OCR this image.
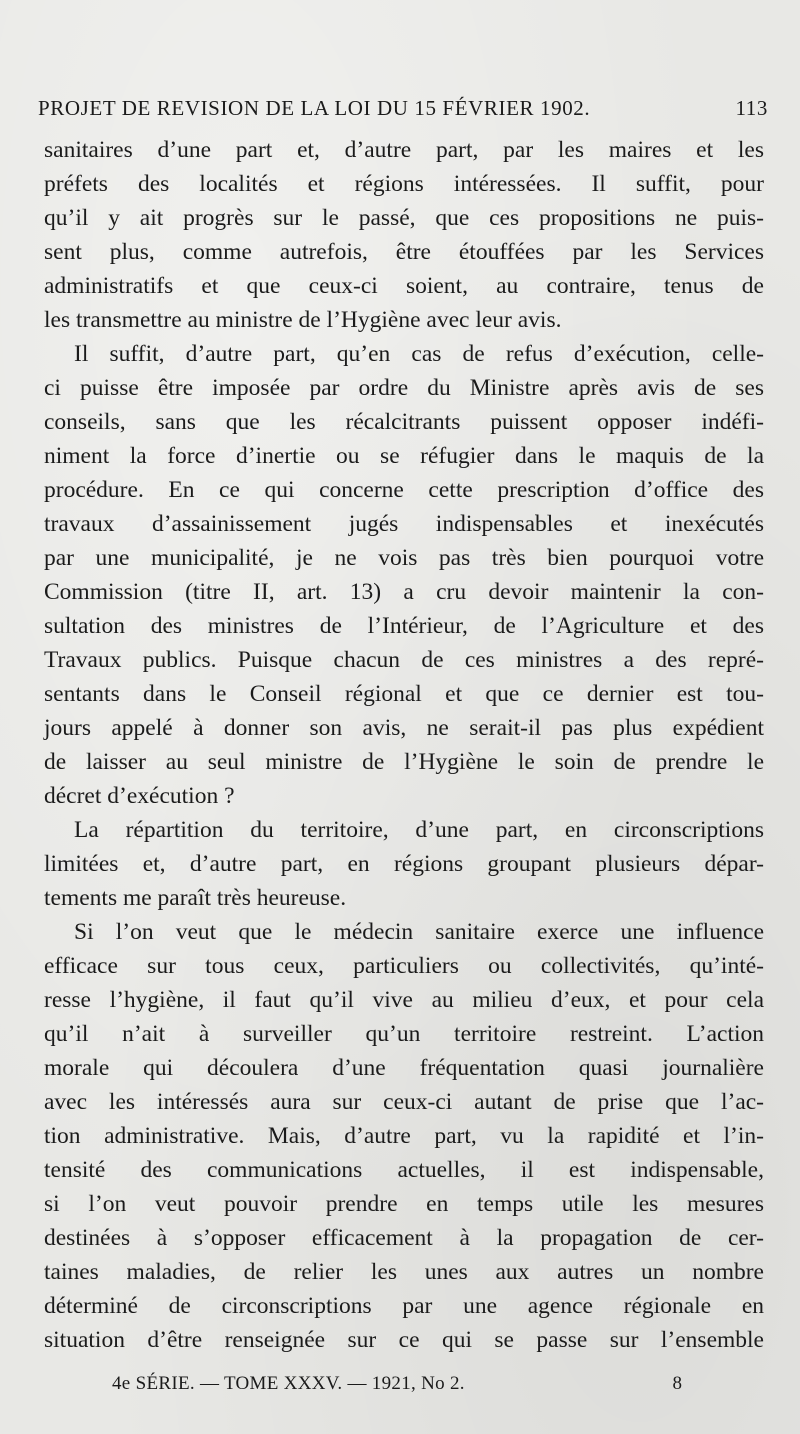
PROJET DE REVISION DE LA LOI DU 15 FÉVRIER 1902.	113
sanitaires d’une part et, d’autre part, par les maires et les
préfets des localités et régions intéressées. Il suffit, pour
qu’il y ait progrès sur le passé, que ces propositions ne puis-
sent plus, comme autrefois, être étouffées par les Services
administratifs et que ceux-ci soient, au contraire, tenus de
les transmettre au ministre de l’Hygiène avec leur avis.
Il suffit, d’autre part, qu’en cas de refus d’exécution, celle-
ci puisse être imposée par ordre du Ministre après avis de ses
conseils, sans que les récalcitrants puissent opposer indéfi-
niment la force d’inertie ou se réfugier dans le maquis de la
procédure. En ce qui concerne cette prescription d’office des
travaux d’assainissement jugés indispensables et inexécutés
par une municipalité, je ne vois pas très bien pourquoi votre
Commission (titre II, art. 13) a cru devoir maintenir la con-
sultation des ministres de l’Intérieur, de l’Agriculture et des
Travaux publics. Puisque chacun de ces ministres a des repré-
sentants dans le Conseil régional et que ce dernier est tou-
jours appelé à donner son avis, ne serait-il pas plus expédient
de laisser au seul ministre de l’Hygiène le soin de prendre le
décret d’exécution ?
La répartition du territoire, d’une part, en circonscriptions
limitées et, d’autre part, en régions groupant plusieurs dépar-
tements me paraît très heureuse.
Si l’on veut que le médecin sanitaire exerce une influence
efficace sur tous ceux, particuliers ou collectivités, qu’inté-
resse l’hygiène, il faut qu’il vive au milieu d’eux, et pour cela
qu’il n’ait à surveiller qu’un territoire restreint. L’action
morale qui découlera d’une fréquentation quasi journalière
avec les intéressés aura sur ceux-ci autant de prise que l’ac-
tion administrative. Mais, d’autre part, vu la rapidité et l’in-
tensité des communications actuelles, il est indispensable,
si l’on veut pouvoir prendre en temps utile les mesures
destinées à s’opposer efficacement à la propagation de cer-
taines maladies, de relier les unes aux autres un nombre
déterminé de circonscriptions par une agence régionale en
situation d’être renseignée sur ce qui se passe sur l’ensemble
4e SÉRIE. — TOME XXXV. — 1921, No 2.	8
